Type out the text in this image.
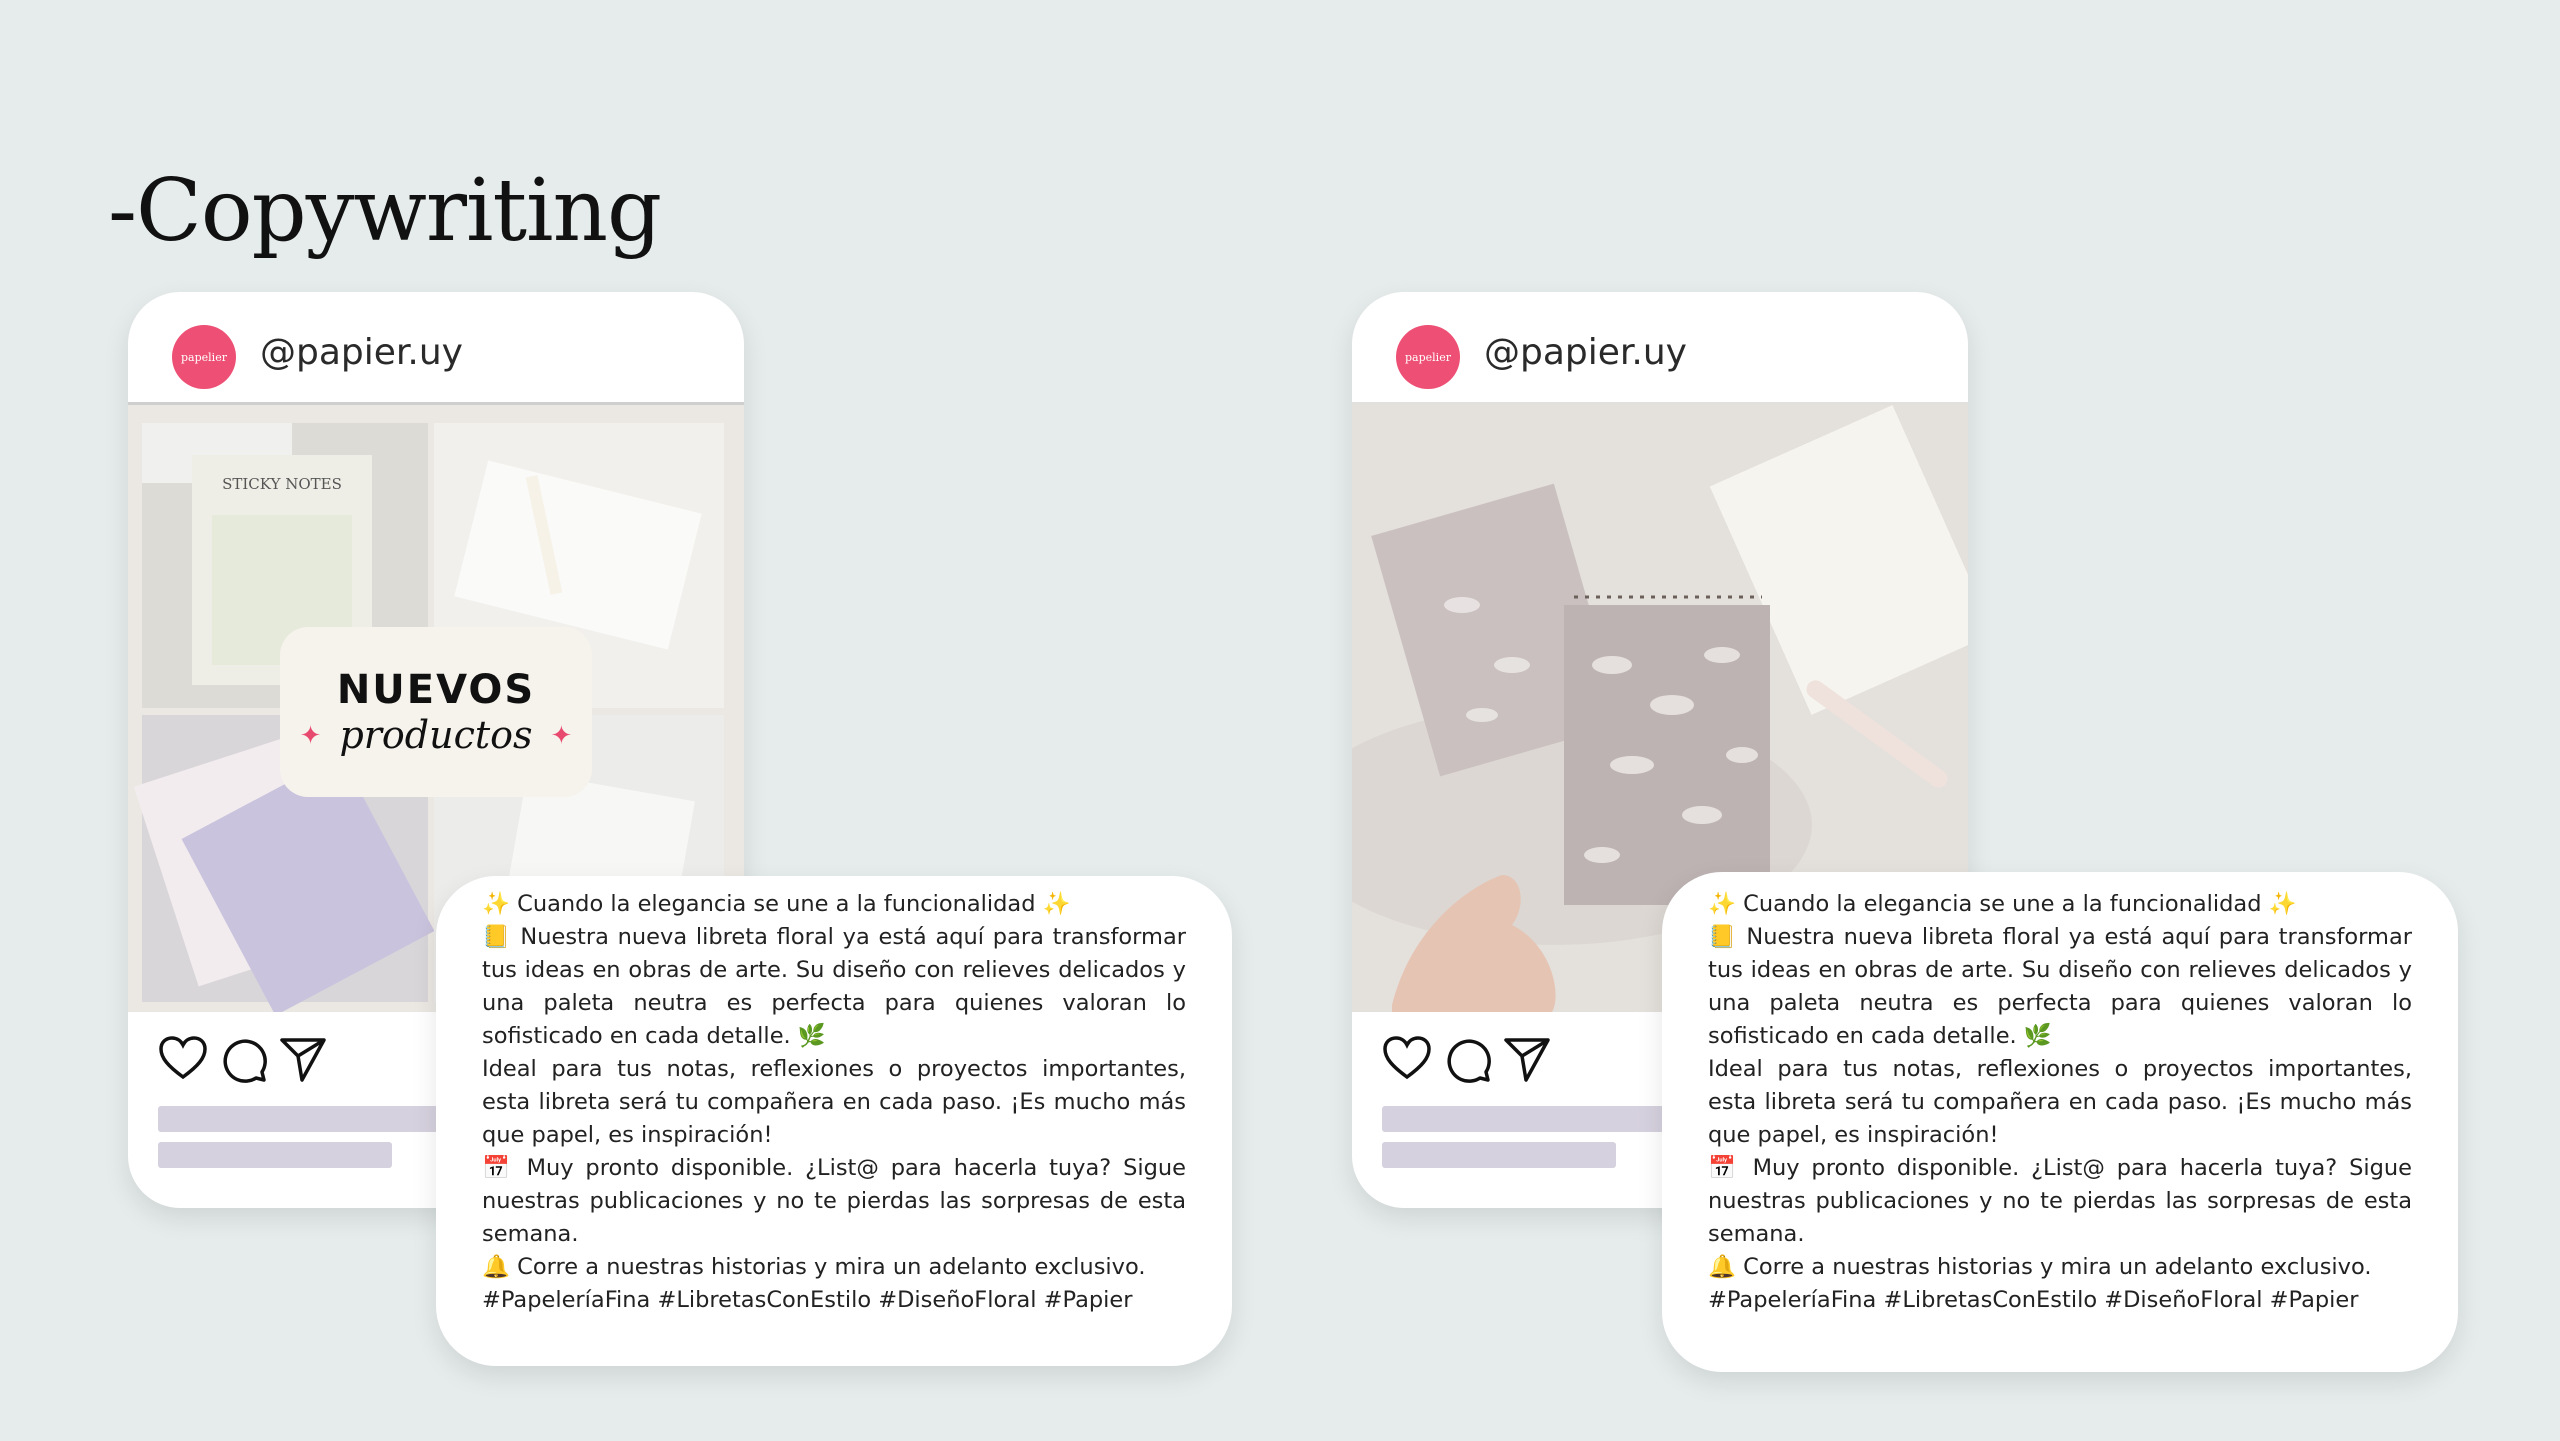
-Copywriting
papelier @papier.uy
STICKY NOTES
NUEVOS
✦ productos ✦

✨ Cuando la elegancia se une a la funcionalidad ✨

📒 Nuestra nueva libreta floral ya está aquí para transformar tus ideas en obras de arte. Su diseño con relieves delicados y una paleta neutra es perfecta para quienes valoran lo sofisticado en cada detalle. 🌿

Ideal para tus notas, reflexiones o proyectos importantes, esta libreta será tu compañera en cada paso. ¡Es mucho más que papel, es inspiración!

📅 Muy pronto disponible. ¿List@ para hacerla tuya? Sigue nuestras publicaciones y no te pierdas las sorpresas de esta semana.

🔔 Corre a nuestras historias y mira un adelanto exclusivo.

#PapeleríaFina #LibretasConEstilo #DiseñoFloral #Papier

papelier @papier.uy

✨ Cuando la elegancia se une a la funcionalidad ✨

📒 Nuestra nueva libreta floral ya está aquí para transformar tus ideas en obras de arte. Su diseño con relieves delicados y una paleta neutra es perfecta para quienes valoran lo sofisticado en cada detalle. 🌿

Ideal para tus notas, reflexiones o proyectos importantes, esta libreta será tu compañera en cada paso. ¡Es mucho más que papel, es inspiración!

📅 Muy pronto disponible. ¿List@ para hacerla tuya? Sigue nuestras publicaciones y no te pierdas las sorpresas de esta semana.

🔔 Corre a nuestras historias y mira un adelanto exclusivo.

#PapeleríaFina #LibretasConEstilo #DiseñoFloral #Papier
